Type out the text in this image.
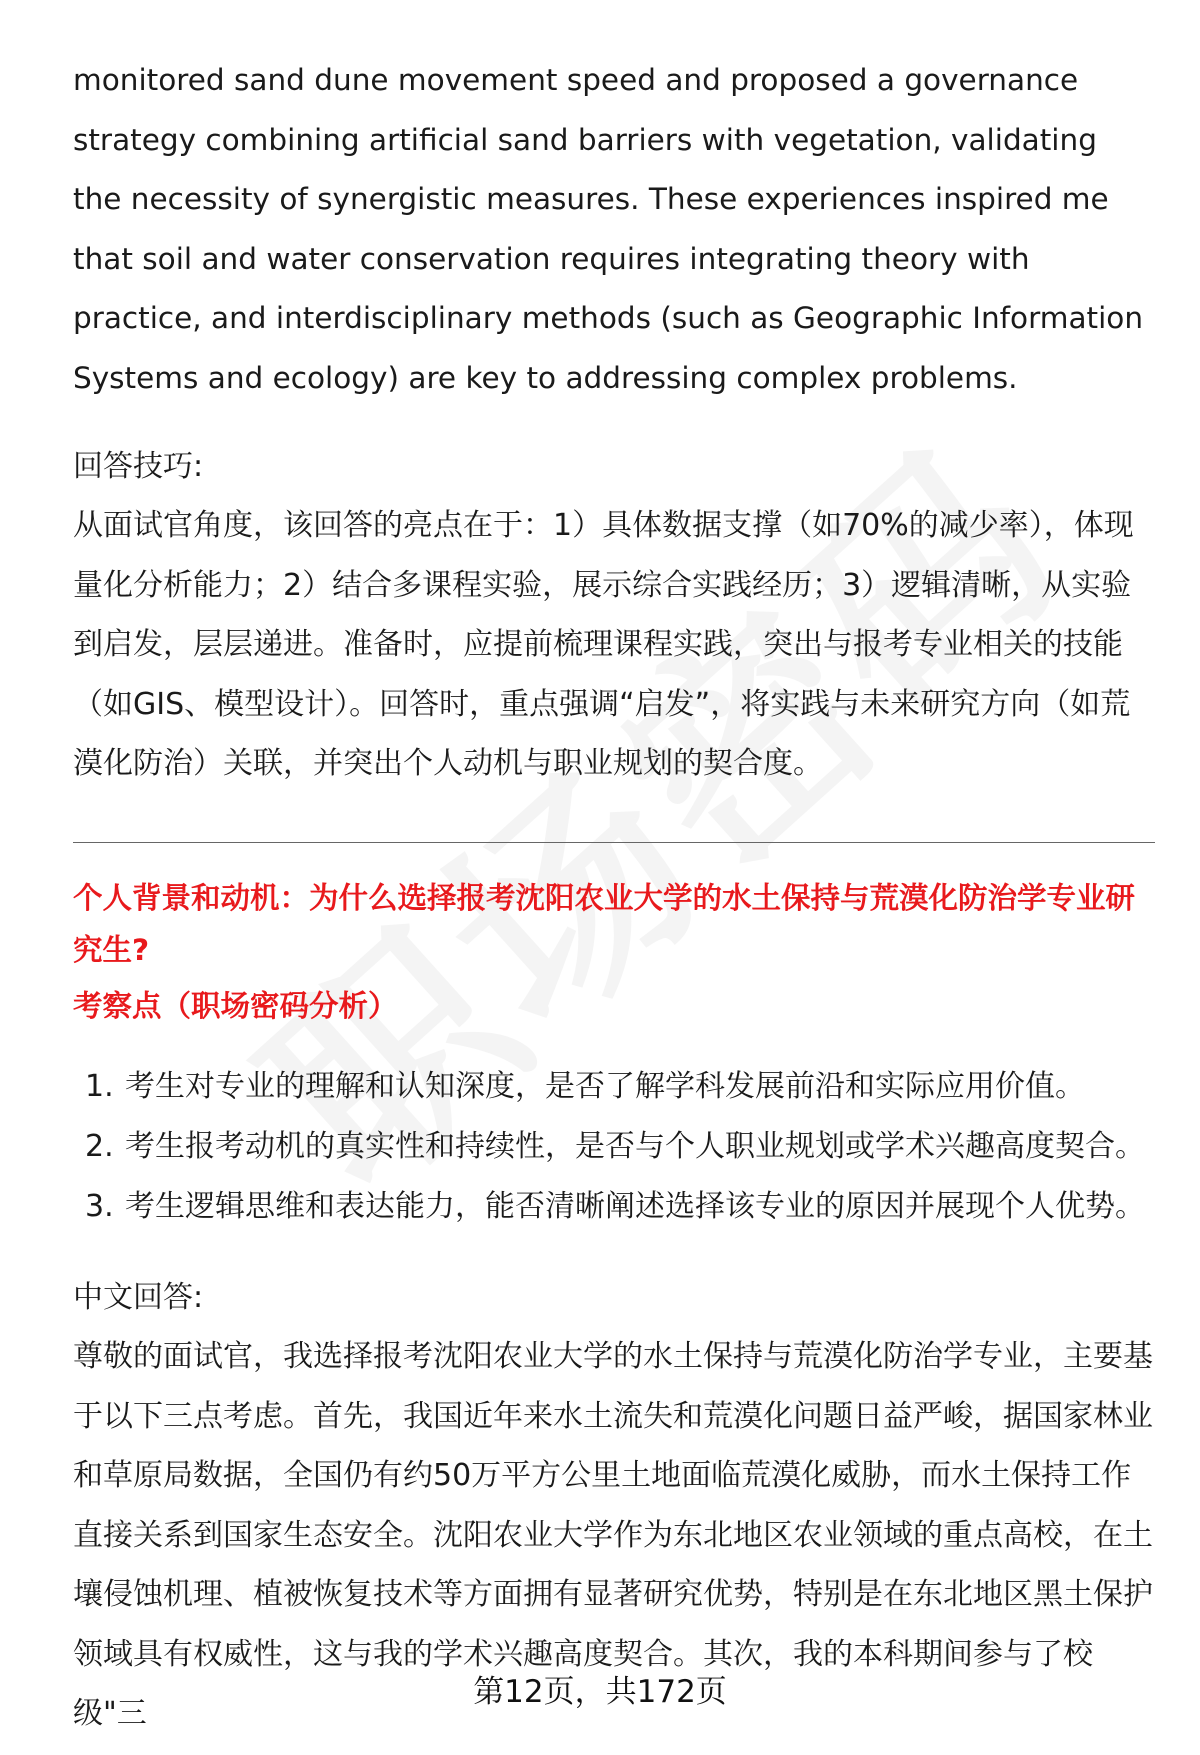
monitored sand dune movement speed and proposed a governance strategy combining artificial sand barriers with vegetation, validating the necessity of synergistic measures. These experiences inspired me that soil and water conservation requires integrating theory with practice, and interdisciplinary methods (such as Geographic Information Systems and ecology) are key to addressing complex problems.

回答技巧:

从面试官角度，该回答的亮点在于：1）具体数据支撑（如70%的减少率），体现量化分析能力；2）结合多课程实验，展示综合实践经历；3）逻辑清晰，从实验到启发，层层递进。准备时，应提前梳理课程实践，突出与报考专业相关的技能（如GIS、模型设计）。回答时，重点强调“启发”，将实践与未来研究方向（如荒漠化防治）关联，并突出个人动机与职业规划的契合度。

个人背景和动机：为什么选择报考沈阳农业大学的水土保持与荒漠化防治学专业研究生?
考察点（职场密码分析）
1. 考生对专业的理解和认知深度，是否了解学科发展前沿和实际应用价值。
2. 考生报考动机的真实性和持续性，是否与个人职业规划或学术兴趣高度契合。
3. 考生逻辑思维和表达能力，能否清晰阐述选择该专业的原因并展现个人优势。
中文回答:

尊敬的面试官，我选择报考沈阳农业大学的水土保持与荒漠化防治学专业，主要基于以下三点考虑。首先，我国近年来水土流失和荒漠化问题日益严峻，据国家林业和草原局数据，全国仍有约50万平方公里土地面临荒漠化威胁，而水土保持工作直接关系到国家生态安全。沈阳农业大学作为东北地区农业领域的重点高校，在土壤侵蚀机理、植被恢复技术等方面拥有显著研究优势，特别是在东北地区黑土保护领域具有权威性，这与我的学术兴趣高度契合。其次，我的本科期间参与了校级"三

第12页，共172页
